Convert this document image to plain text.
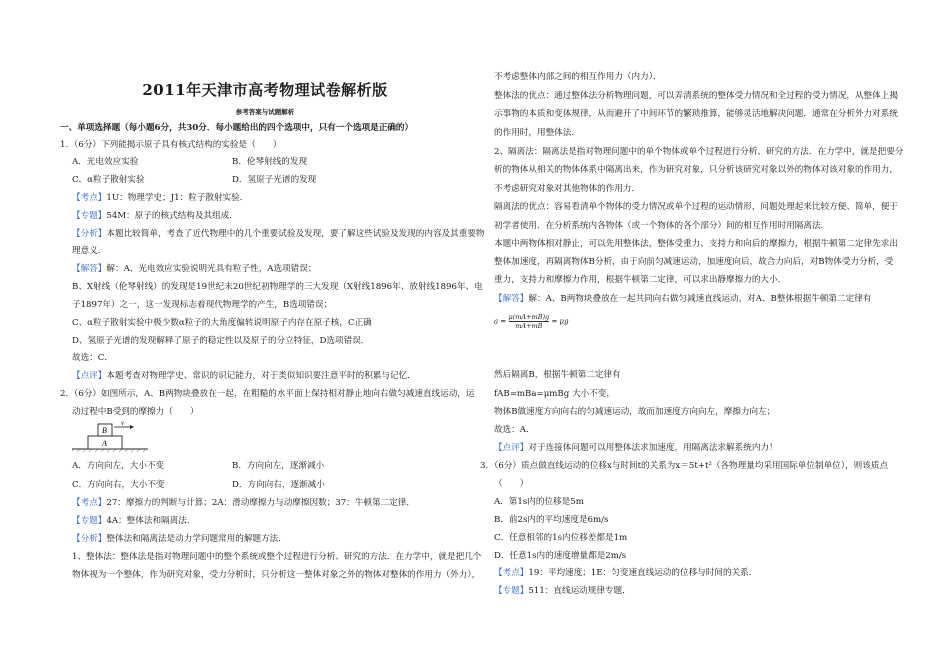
2011年天津市高考物理试卷解析版
参考答案与试题解析
一、单项选择题（每小题6分，共30分．每小题给出的四个选项中，只有一个选项是正确的）
1．（6分）下列能揭示原子具有核式结构的实验是（　　）
A．光电效应实验	B．伦琴射线的发现
C．α粒子散射实验	D．氢原子光谱的发现
【考点】1U：物理学史；J1：粒子散射实验．
【专题】54M：原子的核式结构及其组成．
【分析】本题比较简单，考查了近代物理中的几个重要试验及发现，要了解这些试验及发现的内容及其重要物
理意义．
【解答】解：A、光电效应实验说明光具有粒子性，A选项错误；
B、X射线（伦琴射线）的发现是19世纪末20世纪初物理学的三大发现（X射线1896年、放射线1896年、电
子1897年）之一，这一发现标志着现代物理学的产生，B选项错误；
C、α粒子散射实验中极少数α粒子的大角度偏转说明原子内存在原子核，C正确
D、氢原子光谱的发现解释了原子的稳定性以及原子的分立特征，D选项错误．
故选：C．
【点评】本题考查对物理学史、常识的识记能力，对于类似知识要注意平时的积累与记忆．
2．（6分）如图所示，A、B两物块叠放在一起，在粗糙的水平面上保持相对静止地向右做匀减速直线运动，运
动过程中B受到的摩擦力（　　）
A
B
v
A．方向向左，大小不变	B．方向向左，逐渐减小
C．方向向右，大小不变	D．方向向右，逐渐减小
【考点】27：摩擦力的判断与计算；2A：滑动摩擦力与动摩擦因数；37：牛顿第二定律．
【专题】4A：整体法和隔离法．
【分析】整体法和隔离法是动力学问题常用的解题方法．
1、整体法：整体法是指对物理问题中的整个系统或整个过程进行分析、研究的方法．在力学中，就是把几个
物体视为一个整体，作为研究对象，受力分析时，只分析这一整体对象之外的物体对整体的作用力（外力），
不考虑整体内部之间的相互作用力（内力）．
整体法的优点：通过整体法分析物理问题，可以弄清系统的整体受力情况和全过程的受力情况，从整体上揭
示事物的本质和变体规律，从而避开了中间环节的繁琐推算，能够灵活地解决问题．通常在分析外力对系统
的作用时，用整体法．
2、隔离法：隔离法是指对物理问题中的单个物体或单个过程进行分析、研究的方法．在力学中，就是把要分
析的物体从相关的物体体系中隔离出来，作为研究对象，只分析该研究对象以外的物体对该对象的作用力，
不考虑研究对象对其他物体的作用力．
隔离法的优点：容易看清单个物体的受力情况或单个过程的运动情形，问题处理起来比较方便、简单，便于
初学者使用．在分析系统内各物体（或一个物体的各个部分）间的相互作用时用隔离法．
本题中两物体相对静止，可以先用整体法，整体受重力、支持力和向后的摩擦力，根据牛顿第二定律先求出
整体加速度，再隔离物体B分析，由于向前匀减速运动，加速度向后，故合力向后，对B物体受力分析，受
重力，支持力和摩擦力作用，根据牛顿第二定律，可以求出静摩擦力的大小．
【解答】解：A、B两物块叠放在一起共同向右做匀减速直线运动，对A、B整体根据牛顿第二定律有
$a = \frac{\mu(mA+mB)g}{mA+mB} = \mu g$
然后隔离B，根据牛顿第二定律有
fAB=mBa=μmBg 大小不变，
物体B做速度方向向右的匀减速运动，故而加速度方向向左，摩擦力向左；
故选：A．
【点评】对于连接体问题可以用整体法求加速度，用隔离法求解系统内力！
3．（6分）质点做直线运动的位移x与时间t的关系为x＝5t+t²（各物理量均采用国际单位制单位），则该质点
（　　）
A．第1s内的位移是5m
B．前2s内的平均速度是6m/s
C．任意相邻的1s内位移差都是1m
D．任意1s内的速度增量都是2m/s
【考点】19：平均速度；1E：匀变速直线运动的位移与时间的关系．
【专题】511：直线运动规律专题．
